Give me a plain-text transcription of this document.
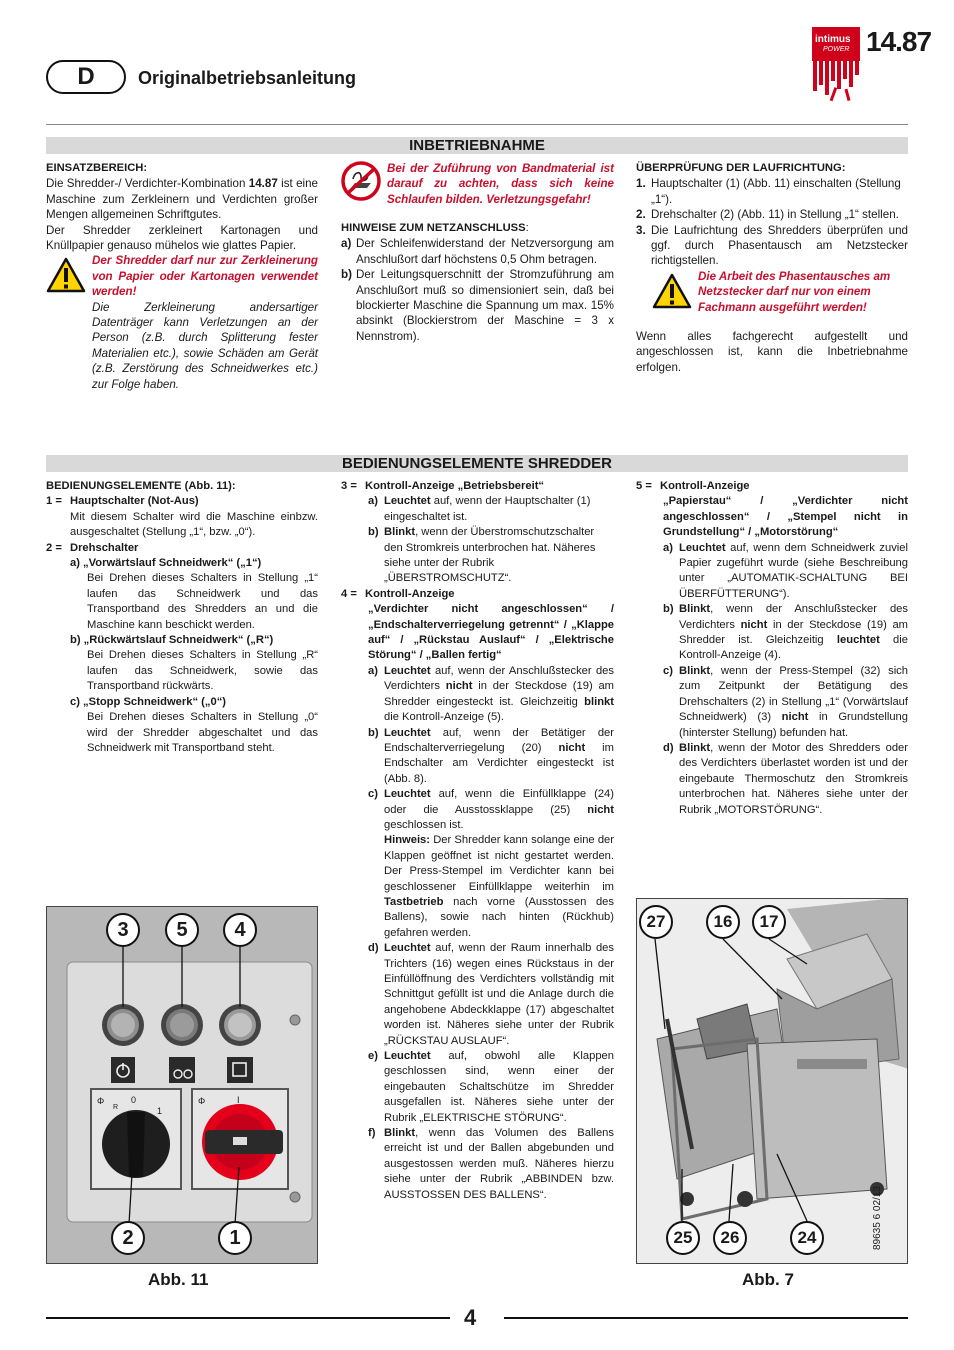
D	Originalbetriebsanleitung
intimus
POWER 14.87
INBETRIEBNAHME

EINSATZBEREICH:

Die Shredder-/ Verdichter-Kombination 14.87 ist eine Maschine zum Zerkleinern und Verdichten großer Mengen allgemeinen Schriftgutes.

Der Shredder zerkleinert Kartonagen und Knüllpapier genauso mühelos wie glattes Papier.

Der Shredder darf nur zur Zerkleinerung von Papier oder Kartonagen verwendet werden!

Die Zerkleinerung andersartiger Datenträger kann Verletzungen an der Person (z.B. durch Splitterung fester Materialien etc.), sowie Schäden am Gerät (z.B. Zerstörung des Schneidwerkes etc.) zur Folge haben.

Bei der Zuführung von Bandmaterial ist darauf zu achten, dass sich keine Schlaufen bilden. Verletzungsgefahr!

HINWEISE ZUM NETZANSCHLUSS:

a) Der Schleifenwiderstand der Netzversorgung am Anschlußort darf höchstens 0,5 Ohm betragen.

b) Der Leitungsquerschnitt der Stromzuführung am Anschlußort muß so dimensioniert sein, daß bei blockierter Maschine die Spannung um max. 15% absinkt (Blockierstrom der Maschine = 3 x Nennstrom).

ÜBERPRÜFUNG DER LAUFRICHTUNG:

1. Hauptschalter (1) (Abb. 11) einschalten (Stellung „1“).

2. Drehschalter (2) (Abb. 11) in Stellung „1“ stellen.

3. Die Laufrichtung des Shredders überprüfen und ggf. durch Phasentausch am Netzstecker richtigstellen.

Die Arbeit des Phasentausches am Netzstecker darf nur von einem Fachmann ausgeführt werden!

Wenn alles fachgerecht aufgestellt und angeschlossen ist, kann die Inbetriebnahme erfolgen.

BEDIENUNGSELEMENTE SHREDDER

BEDIENUNGSELEMENTE (Abb. 11):

1 = Hauptschalter (Not-Aus)

Mit diesem Schalter wird die Maschine einbzw. ausgeschaltet (Stellung „1“, bzw. „0“).

2 = Drehschalter

a) „Vorwärtslauf Schneidwerk“ („1“)

Bei Drehen dieses Schalters in Stellung „1“ laufen das Schneidwerk und das Transportband des Shredders an und die Maschine kann beschickt werden.

b) „Rückwärtslauf Schneidwerk“ („R“)

Bei Drehen dieses Schalters in Stellung „R“ laufen das Schneidwerk, sowie das Transportband rückwärts.

c) „Stopp Schneidwerk“ („0“)

Bei Drehen dieses Schalters in Stellung „0“ wird der Shredder abgeschaltet und das Schneidwerk mit Transportband steht.

3 = Kontroll-Anzeige „Betriebsbereit“

a) Leuchtet auf, wenn der Hauptschalter (1) eingeschaltet ist.

b) Blinkt, wenn der Überstromschutzschalter den Stromkreis unterbrochen hat. Näheres siehe unter der Rubrik „ÜBERSTROMSCHUTZ“.

4 = Kontroll-Anzeige

„Verdichter nicht angeschlossen“ / „Endschalterverriegelung getrennt“ / „Klappe auf“ / „Rückstau Auslauf“ / „Elektrische Störung“ / „Ballen fertig“

a) Leuchtet auf, wenn der Anschlußstecker des Verdichters nicht in der Steckdose (19) am Shredder eingesteckt ist. Gleichzeitig blinkt die Kontroll-Anzeige (5).

b) Leuchtet auf, wenn der Betätiger der Endschalterverriegelung (20) nicht im Endschalter am Verdichter eingesteckt ist (Abb. 8).

c) Leuchtet auf, wenn die Einfüllklappe (24) oder die Ausstossklappe (25) nicht geschlossen ist.

Hinweis: Der Shredder kann solange eine der Klappen geöffnet ist nicht gestartet werden. Der Press-Stempel im Verdichter kann bei geschlossener Einfüllklappe weiterhin im Tastbetrieb nach vorne (Ausstossen des Ballens), sowie nach hinten (Rückhub) gefahren werden.

d) Leuchtet auf, wenn der Raum innerhalb des Trichters (16) wegen eines Rückstaus in der Einfüllöffnung des Verdichters vollständig mit Schnittgut gefüllt ist und die Anlage durch die angehobene Abdeckklappe (17) abgeschaltet worden ist. Näheres siehe unter der Rubrik „RÜCKSTAU AUSLAUF“.

e) Leuchtet auf, obwohl alle Klappen geschlossen sind, wenn einer der eingebauten Schaltschütze im Shredder ausgefallen ist. Näheres siehe unter der Rubrik „ELEKTRISCHE STÖRUNG“.

f) Blinkt, wenn das Volumen des Ballens erreicht ist und der Ballen abgebunden und ausgestossen werden muß. Näheres hierzu siehe unter der Rubrik „ABBINDEN bzw. AUSSTOSSEN DES BALLENS“.

5 = Kontroll-Anzeige

„Papierstau“ / „Verdichter nicht angeschlossen“ / „Stempel nicht in Grundstellung“ / „Motorstörung“

a) Leuchtet auf, wenn dem Schneidwerk zuviel Papier zugeführt wurde (siehe Beschreibung unter „AUTOMATIK-SCHALTUNG BEI ÜBERFÜTTERUNG“).

b) Blinkt, wenn der Anschlußstecker des Verdichters nicht in der Steckdose (19) am Shredder ist. Gleichzeitig leuchtet die Kontroll-Anzeige (4).

c) Blinkt, wenn der Press-Stempel (32) sich zum Zeitpunkt der Betätigung des Drehschalters (2) in Stellung „1“ (Vorwärtslauf Schneidwerk) (3) nicht in Grundstellung (hinterster Stellung) befunden hat.

d) Blinkt, wenn der Motor des Shredders oder des Verdichters überlastet worden ist und der eingebaute Thermoschutz den Stromkreis unterbrochen hat. Näheres siehe unter der Rubrik „MOTORSTÖRUNG“.

Φ
R
0
1
Φ	I
3	5	4
2	1
Abb. 11
27	16	17
25	26	24
Abb. 7
89635 6 02/13
4
